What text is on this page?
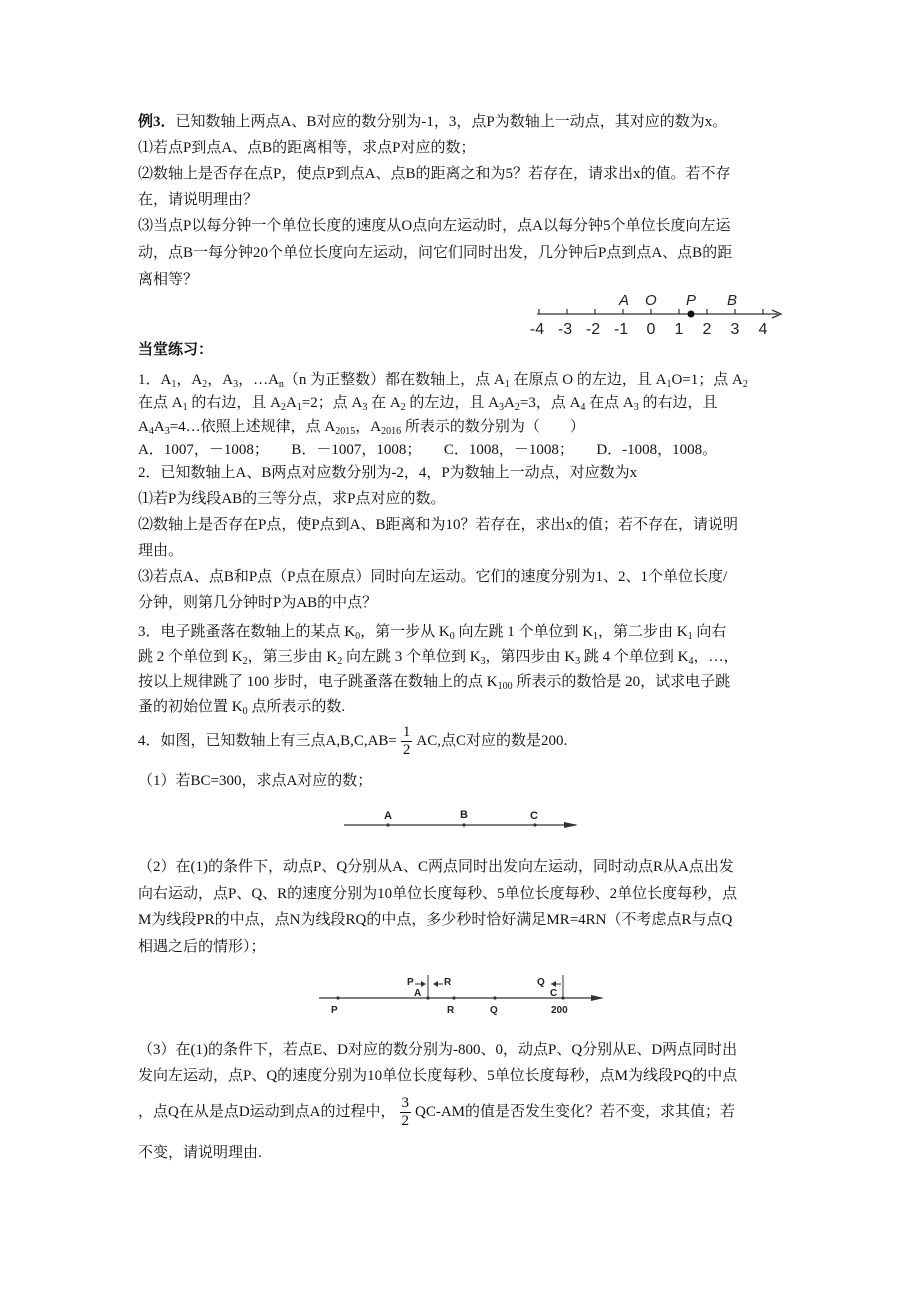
例3．已知数轴上两点A、B对应的数分别为-1，3，点P为数轴上一动点，其对应的数为x。
⑴若点P到点A、点B的距离相等，求点P对应的数；
⑵数轴上是否存在点P，使点P到点A、点B的距离之和为5？若存在，请求出x的值。若不存
在，请说明理由？
⑶当点P以每分钟一个单位长度的速度从O点向左运动时，点A以每分钟5个单位长度向左运
动，点B一每分钟20个单位长度向左运动，问它们同时出发，几分钟后P点到点A、点B的距
离相等？
A O P B
-4 -3 -2 -1 0 1 2 3 4
当堂练习：
1．$A_1$，$A_2$，$A_3$，$\dots A_n(n$ 为正整数）都在数轴上，点 $A_1$ 在原点 O 的左边，且 $A_1O=1$；点 $A_2$
在点 $A_1$ 的右边，且 $A_2A_1=2$；点 $A_3$ 在 $A_2$ 的左边，且 $A_3A_2=3$，点 $A_4$ 在点 $A_3$ 的右边，且
$A_4A_3=4\dots$依照上述规律，点 $A_{2015}$，$A_{2016}$ 所表示的数分别为（　　）
A．1007，－1008；　　B．－1007，1008；　　C．1008，－1008；　　D．-1008，1008。
2．已知数轴上A、B两点对应数分别为-2，4，P为数轴上一动点，对应数为x
⑴若P为线段AB的三等分点，求P点对应的数。
⑵数轴上是否存在P点，使P点到A、B距离和为10？若存在，求出x的值；若不存在，请说明
理由。
⑶若点A、点B和P点（P点在原点）同时向左运动。它们的速度分别为1、2、1个单位长度/
分钟，则第几分钟时P为AB的中点？
3．电子跳蚤落在数轴上的某点 $K_0$，第一步从 $K_0$ 向左跳 1 个单位到 $K_1$，第二步由 $K_1$ 向右
跳 2 个单位到 $K_2$，第三步由 $K_2$ 向左跳 3 个单位到 $K_3$，第四步由 $K_3$ 跳 4 个单位到 $K_4$，…，
按以上规律跳了 100 步时，电子跳蚤落在数轴上的点 $K_{100}$ 所表示的数恰是 20，试求电子跳
蚤的初始位置 $K_0$ 点所表示的数.
4．如图，已知数轴上有三点$A,B,C,AB= \frac{1}{2}$ AC,点C对应的数是200.
（1）若BC=300，求点A对应的数；
A	B	C
（2）在(1)的条件下，动点P、Q分别从A、C两点同时出发向左运动，同时动点R从A点出发
向右运动，点P、Q、R的速度分别为10单位长度每秒、5单位长度每秒、2单位长度每秒，点
M为线段PR的中点，点N为线段RQ的中点，多少秒时恰好满足MR=4RN（不考虑点R与点Q
相遇之后的情形）；
P	R	Q
A	C
P	R	Q	200
（3）在(1)的条件下，若点E、D对应的数分别为-800、0，动点P、Q分别从E、D两点同时出
发向左运动，点P、Q的速度分别为10单位长度每秒、5单位长度每秒，点M为线段PQ的中点
，点Q在从是点D运动到点A的过程中， $\frac{3}{2} QC-AM$的值是否发生变化？若不变，求其值；若
不变，请说明理由.
